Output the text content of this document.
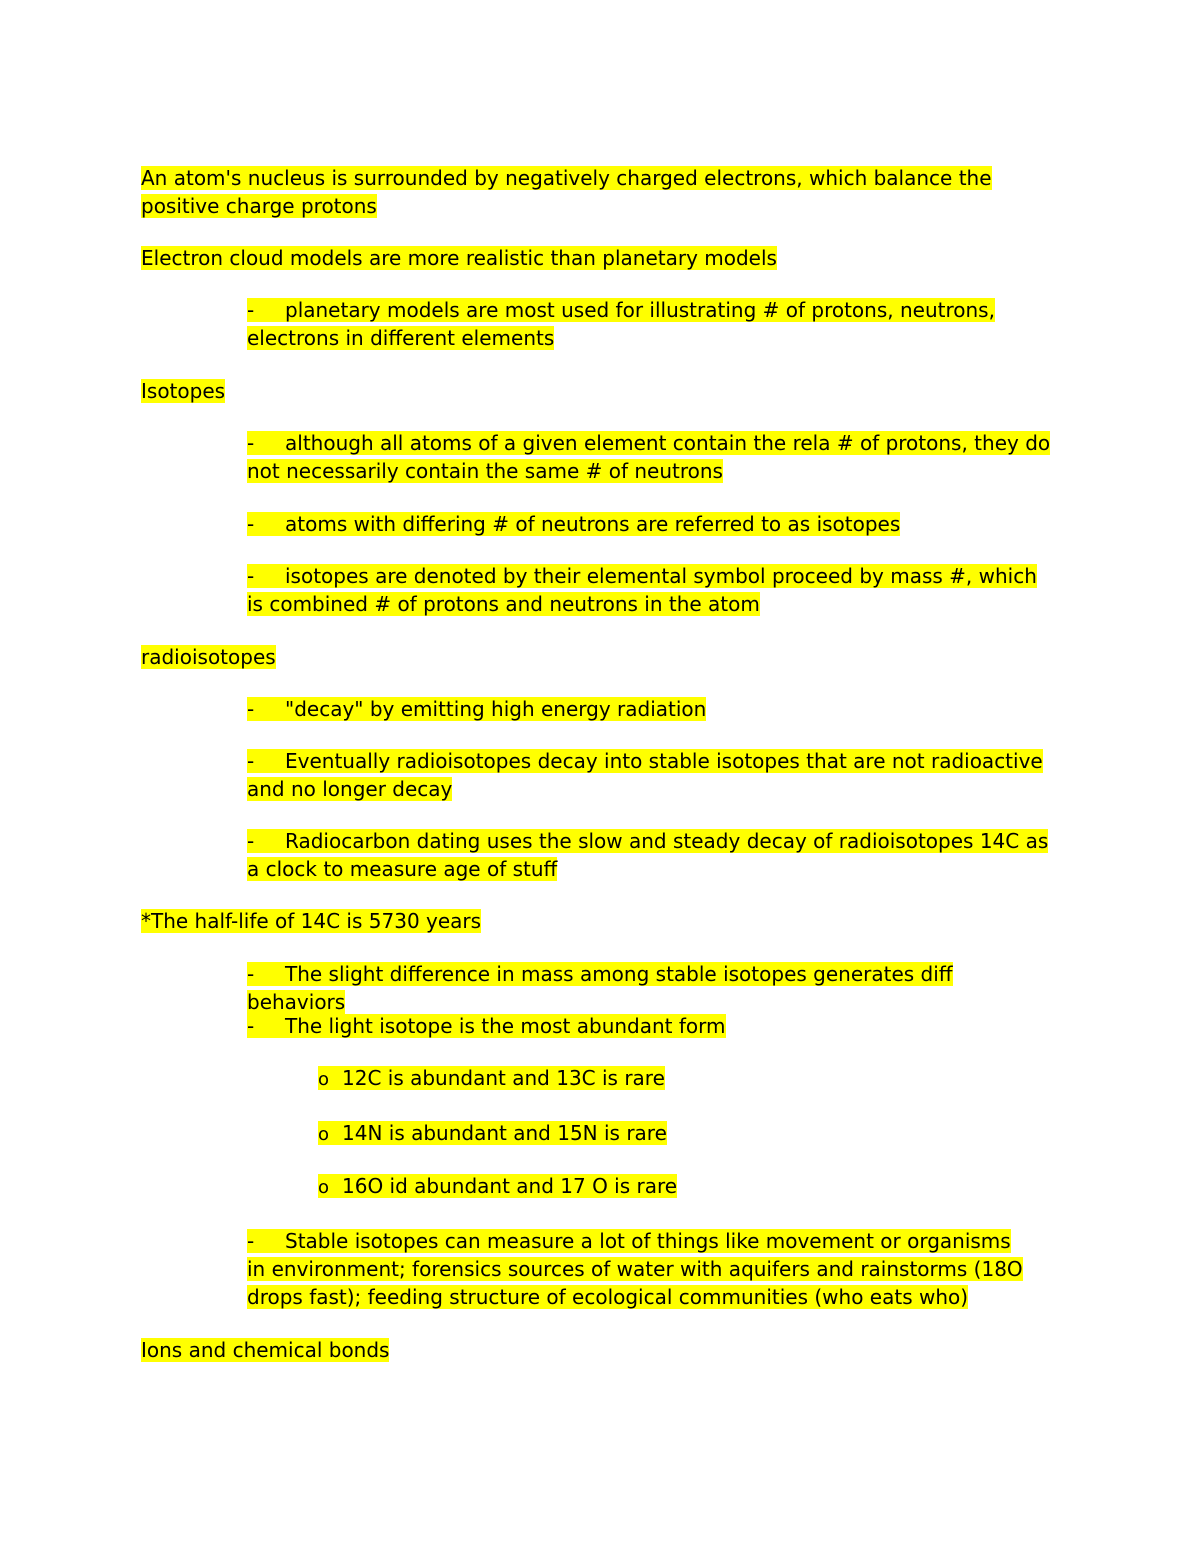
An atom's nucleus is surrounded by negatively charged electrons, which balance the positive charge protons

Electron cloud models are more realistic than planetary models

- planetary models are most used for illustrating # of protons, neutrons, electrons in different elements

Isotopes

- although all atoms of a given element contain the rela # of protons, they do not necessarily contain the same # of neutrons

- atoms with differing # of neutrons are referred to as isotopes

- isotopes are denoted by their elemental symbol proceed by mass #, which is combined # of protons and neutrons in the atom

radioisotopes

- "decay" by emitting high energy radiation

- Eventually radioisotopes decay into stable isotopes that are not radioactive and no longer decay

- Radiocarbon dating uses the slow and steady decay of radioisotopes 14C as a clock to measure age of stuff

*The half-life of 14C is 5730 years

- The slight difference in mass among stable isotopes generates diff behaviors

- The light isotope is the most abundant form

o 12C is abundant and 13C is rare

o 14N is abundant and 15N is rare

o 16O id abundant and 17 O is rare

- Stable isotopes can measure a lot of things like movement or organisms in environment; forensics sources of water with aquifers and rainstorms (18O drops fast); feeding structure of ecological communities (who eats who)

Ions and chemical bonds
